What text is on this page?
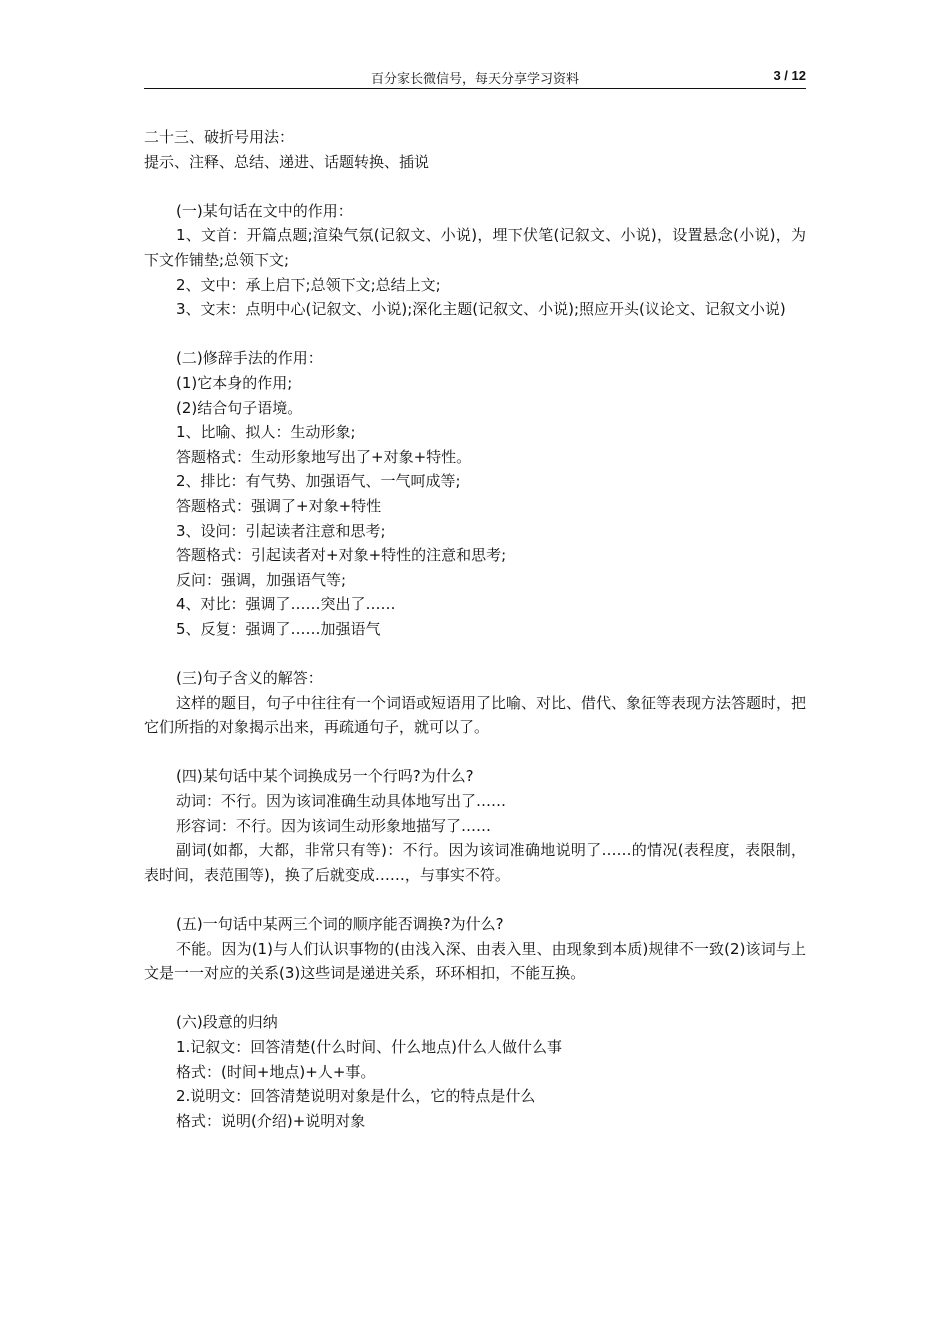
百分家长微信号，每天分享学习资料	3 / 12

二十三、破折号用法：

提示、注释、总结、递进、话题转换、插说

(一)某句话在文中的作用：

1、文首：开篇点题;渲染气氛(记叙文、小说)，埋下伏笔(记叙文、小说)，设置悬念(小说)，为下文作铺垫;总领下文;

2、文中：承上启下;总领下文;总结上文;

3、文末：点明中心(记叙文、小说);深化主题(记叙文、小说);照应开头(议论文、记叙文小说)

(二)修辞手法的作用：

(1)它本身的作用;

(2)结合句子语境。

1、比喻、拟人：生动形象;

答题格式：生动形象地写出了+对象+特性。

2、排比：有气势、加强语气、一气呵成等;

答题格式：强调了+对象+特性

3、设问：引起读者注意和思考;

答题格式：引起读者对+对象+特性的注意和思考;

反问：强调，加强语气等;

4、对比：强调了……突出了……

5、反复：强调了……加强语气

(三)句子含义的解答：

这样的题目，句子中往往有一个词语或短语用了比喻、对比、借代、象征等表现方法答题时，把它们所指的对象揭示出来，再疏通句子，就可以了。

(四)某句话中某个词换成另一个行吗?为什么?

动词：不行。因为该词准确生动具体地写出了……

形容词：不行。因为该词生动形象地描写了……

副词(如都，大都，非常只有等)：不行。因为该词准确地说明了……的情况(表程度，表限制，表时间，表范围等)，换了后就变成……，与事实不符。

(五)一句话中某两三个词的顺序能否调换?为什么?

不能。因为(1)与人们认识事物的(由浅入深、由表入里、由现象到本质)规律不一致(2)该词与上文是一一对应的关系(3)这些词是递进关系，环环相扣，不能互换。

(六)段意的归纳

1.记叙文：回答清楚(什么时间、什么地点)什么人做什么事

格式：(时间+地点)+人+事。

2.说明文：回答清楚说明对象是什么，它的特点是什么

格式：说明(介绍)+说明对象
